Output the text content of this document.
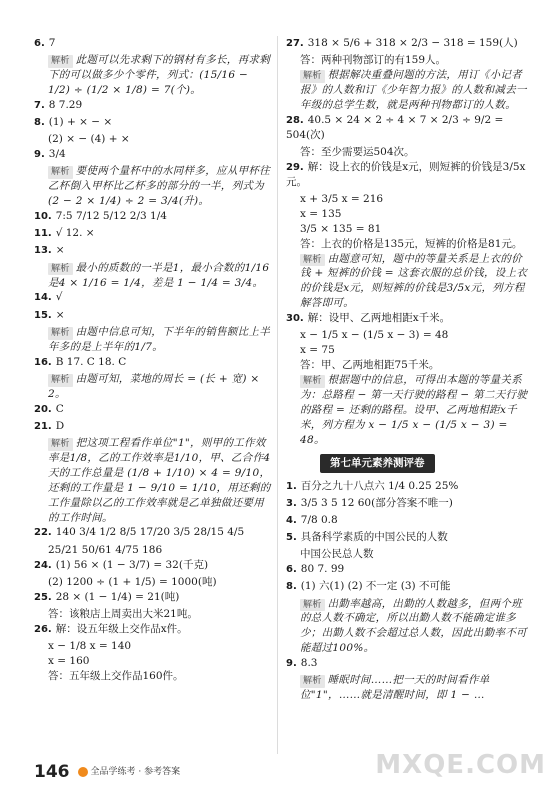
6. 7
解析 此题可以先求剩下的钢材有多长，再求剩下的可以做多少个零件，列式：(15/16 − 1/2) ÷ (1/2 × 1/8) = 7(个)。
7. 8 7.29
8. (1) + × − ×
(2) × − (4) + ×
9. 3/4
解析 要使两个量杯中的水同样多，应从甲杯往乙杯倒入甲杯比乙杯多的部分的一半，列式为 (2 − 2 × 1/4) ÷ 2 = 3/4(升)。
10. 7:5 7/12 5/12 2/3 1/4
11. √ 12. ×
13. ×
解析 最小的质数的一半是1，最小合数的1/16是4 × 1/16 = 1/4，差是 1 − 1/4 = 3/4。
14. √
15. ×
解析 由题中信息可知，下半年的销售额比上半年多的是上半年的1/7。
16. B 17. C 18. C
解析 由题可知，菜地的周长 = (长 + 宽) × 2。
20. C
21. D
解析 把这项工程看作单位"1"，则甲的工作效率是1/8，乙的工作效率是1/10，甲、乙合作4天的工作总量是 (1/8 + 1/10) × 4 = 9/10，还剩的工作量是 1 − 9/10 = 1/10，用还剩的工作量除以乙的工作效率就是乙单独做还要用的工作时间。
22. 140 3/4 1/2 8/5 17/20 3/5 28/15 4/5
25/21 50/61 4/75 186
24. (1) 56 × (1 − 3/7) = 32(千克)
(2) 1200 ÷ (1 + 1/5) = 1000(吨)
25. 28 × (1 − 1/4) = 21(吨)
答：该粮店上周卖出大米21吨。
26. 解：设五年级上交作品x件。
x − 1/8 x = 140
x = 160
答：五年级上交作品160件。
27. 318 × 5/6 + 318 × 2/3 − 318 = 159(人)
答：两种刊物部订的有159人。
解析 根据解决重叠问题的方法，用订《小记者报》的人数和订《少年智力报》的人数和减去一年级的总学生数，就是两种刊物都订的人数。
28. 40.5 × 24 × 2 ÷ 4 × 7 × 2/3 ÷ 9/2 = 504(次)
答：至少需要运504次。
29. 解：设上衣的价钱是x元，则短裤的价钱是3/5x元。
x + 3/5 x = 216
x = 135
3/5 × 135 = 81
答：上衣的价格是135元，短裤的价格是81元。
解析 由题意可知，题中的等量关系是上衣的价钱 + 短裤的价钱 = 这套衣服的总价钱，设上衣的价钱是x元，则短裤的价钱是3/5x元，列方程解答即可。
30. 解：设甲、乙两地相距x千米。
x − 1/5 x − (1/5 x − 3) = 48
x = 75
答：甲、乙两地相距75千米。
解析 根据题中的信息，可得出本题的等量关系为：总路程 − 第一天行驶的路程 − 第二天行驶的路程 = 还剩的路程。设甲、乙两地相距x千米，列方程为 x − 1/5 x − (1/5 x − 3) = 48。
第七单元素养测评卷
1. 百分之九十八点六 1/4 0.25 25%
3. 3/5 3 5 12 60(部分答案不唯一)
4. 7/8 0.8
5. 具备科学素质的中国公民的人数
中国公民总人数
6. 80 7. 99
8. (1) 六(1) (2) 不一定 (3) 不可能
解析 出勤率越高，出勤的人数越多，但两个班的总人数不确定，所以出勤人数不能确定谁多少；出勤人数不会超过总人数，因此出勤率不可能超过100%。
9. 8.3
解析 睡眠时间……把一天的时间看作单位"1"，……就是清醒时间，即 1 − …
146 全品学练考 · 参考答案	MXQE.COM
